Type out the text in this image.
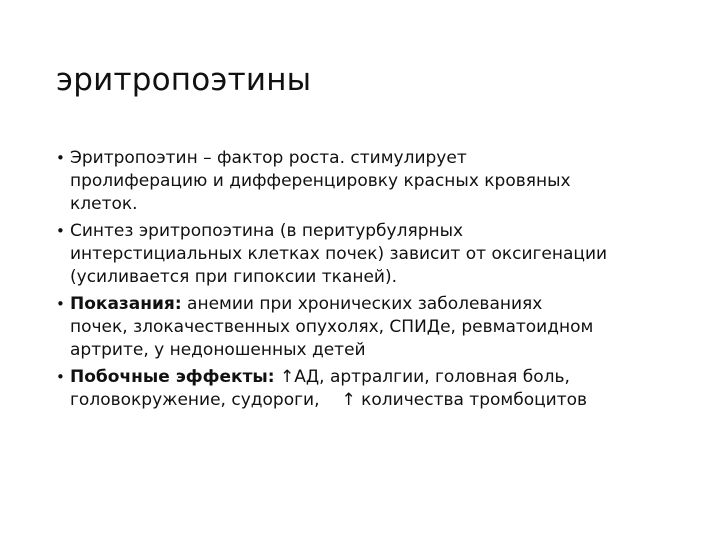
эритропоэтины
• Эритропоэтин – фактор роста. стимулирует
пролиферацию и дифференцировку красных кровяных
клеток.
• Синтез эритропоэтина (в перитурбулярных
интерстициальных клетках почек) зависит от оксигенации
(усиливается при гипоксии тканей).
• Показания: анемии при хронических заболеваниях
почек, злокачественных опухолях, СПИДе, ревматоидном
артрите, у недоношенных детей
• Побочные эффекты: ↑АД, артралгии, головная боль,
головокружение, судороги, ↑ количества тромбоцитов
